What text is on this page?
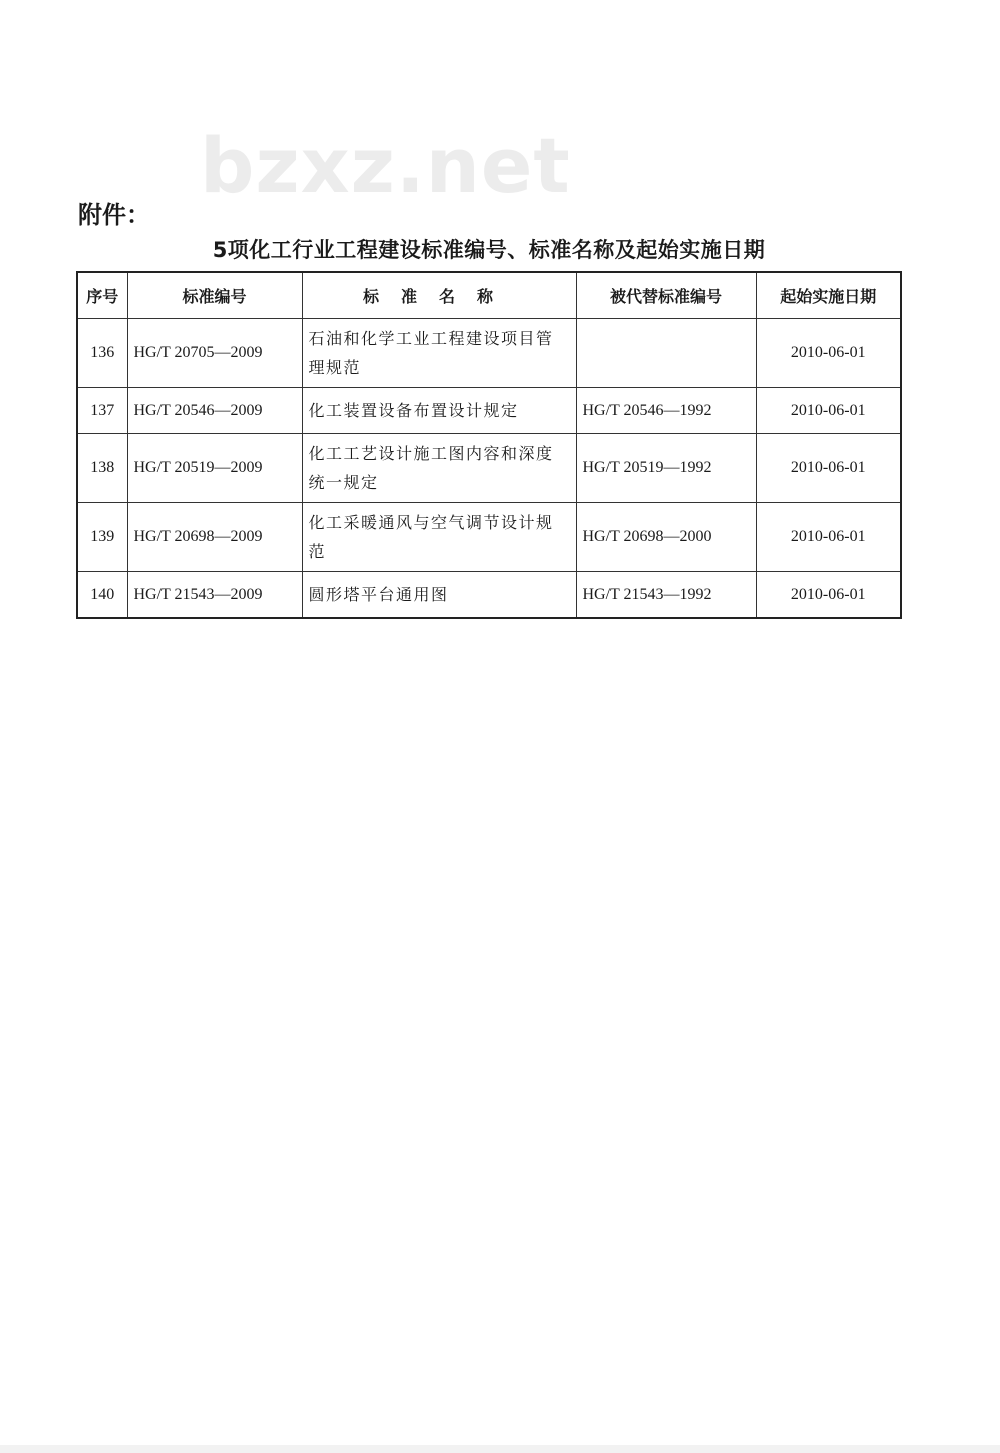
bzxz.net
附件：
5项化工行业工程建设标准编号、标准名称及起始实施日期
序号	标准编号	标准名称	被代替标准编号	起始实施日期
136	HG/T 20705—2009	石油和化学工业工程建设项目管理规范		2010-06-01
137	HG/T 20546—2009	化工装置设备布置设计规定	HG/T 20546—1992	2010-06-01
138	HG/T 20519—2009	化工工艺设计施工图内容和深度统一规定	HG/T 20519—1992	2010-06-01
139	HG/T 20698—2009	化工采暖通风与空气调节设计规范	HG/T 20698—2000	2010-06-01
140	HG/T 21543—2009	圆形塔平台通用图	HG/T 21543—1992	2010-06-01
